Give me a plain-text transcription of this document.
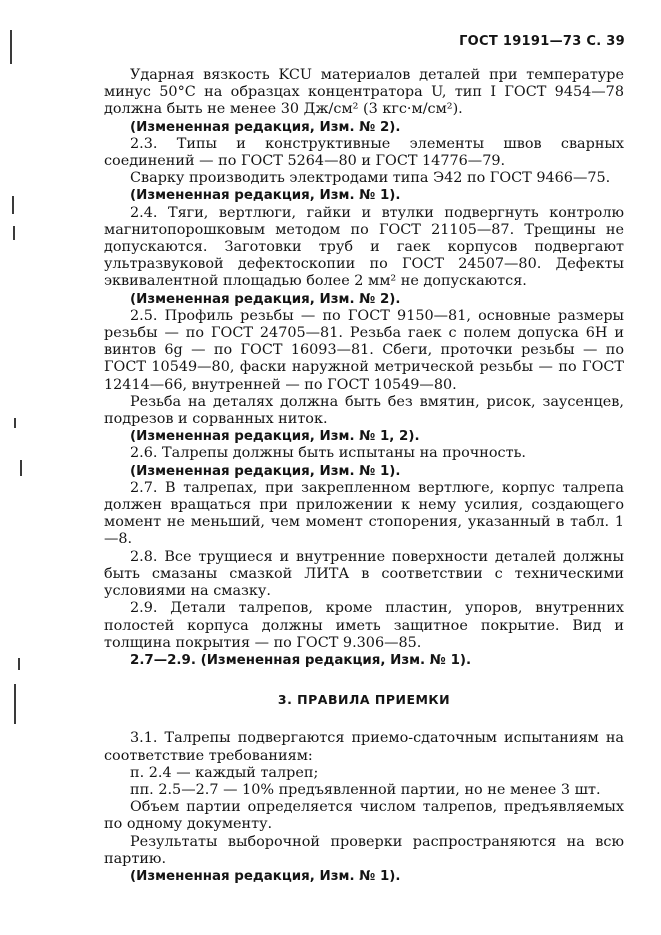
ГОСТ 19191—73 С. 39

Ударная вязкость KCU материалов деталей при температуре минус 50°С на образцах концентратора U, тип I ГОСТ 9454—78 должна быть не менее 30 Дж/см² (3 кгс·м/см²).

(Измененная редакция, Изм. № 2).

2.3. Типы и конструктивные элементы швов сварных соединений — по ГОСТ 5264—80 и ГОСТ 14776—79.

Сварку производить электродами типа Э42 по ГОСТ 9466—75.

(Измененная редакция, Изм. № 1).

2.4. Тяги, вертлюги, гайки и втулки подвергнуть контролю магнитопорошковым методом по ГОСТ 21105—87. Трещины не допускаются. Заготовки труб и гаек корпусов подвергают ультразвуковой дефектоскопии по ГОСТ 24507—80. Дефекты эквивалентной площадью более 2 мм² не допускаются.

(Измененная редакция, Изм. № 2).

2.5. Профиль резьбы — по ГОСТ 9150—81, основные размеры резьбы — по ГОСТ 24705—81. Резьба гаек с полем допуска 6Н и винтов 6g — по ГОСТ 16093—81. Сбеги, проточки резьбы — по ГОСТ 10549—80, фаски наружной метрической резьбы — по ГОСТ 12414—66, внутренней — по ГОСТ 10549—80.

Резьба на деталях должна быть без вмятин, рисок, заусенцев, подрезов и сорванных ниток.

(Измененная редакция, Изм. № 1, 2).

2.6. Талрепы должны быть испытаны на прочность.

(Измененная редакция, Изм. № 1).

2.7. В талрепах, при закрепленном вертлюге, корпус талрепа должен вращаться при приложении к нему усилия, создающего момент не меньший, чем момент стопорения, указанный в табл. 1—8.

2.8. Все трущиеся и внутренние поверхности деталей должны быть смазаны смазкой ЛИТА в соответствии с техническими условиями на смазку.

2.9. Детали талрепов, кроме пластин, упоров, внутренних полостей корпуса должны иметь защитное покрытие. Вид и толщина покрытия — по ГОСТ 9.306—85.

2.7—2.9. (Измененная редакция, Изм. № 1).

3. ПРАВИЛА ПРИЕМКИ

3.1. Талрепы подвергаются приемо-сдаточным испытаниям на соответствие требованиям:

п. 2.4 — каждый талреп;

пп. 2.5—2.7 — 10% предъявленной партии, но не менее 3 шт.

Объем партии определяется числом талрепов, предъявляемых по одному документу.

Результаты выборочной проверки распространяются на всю партию.

(Измененная редакция, Изм. № 1).
